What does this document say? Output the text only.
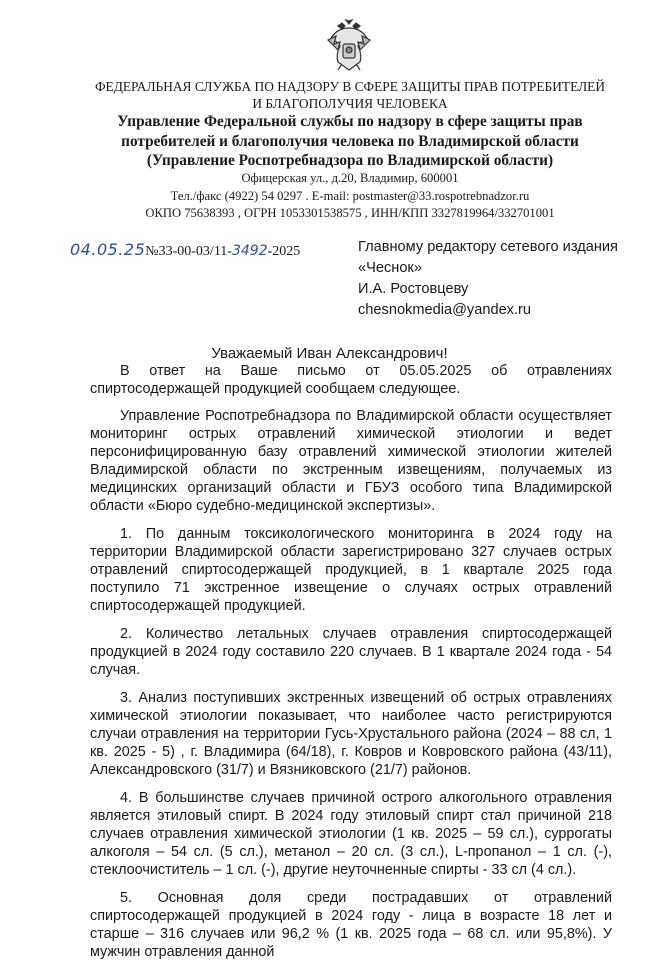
ФЕДЕРАЛЬНАЯ СЛУЖБА ПО НАДЗОРУ В СФЕРЕ ЗАЩИТЫ ПРАВ ПОТРЕБИТЕЛЕЙ
И БЛАГОПОЛУЧИЯ ЧЕЛОВЕКА
Управление Федеральной службы по надзору в сфере защиты прав
потребителей и благополучия человека по Владимирской области
(Управление Роспотребнадзора по Владимирской области)
Офицерская ул., д.20, Владимир, 600001
Тел./факс (4922) 54 0297 . E-mail: postmaster@33.rospotrebnadzor.ru
ОКПО 75638393 , ОГРН 1053301538575 , ИНН/КПП 3327819964/332701001
04.05.25№33-00-03/11-3492-2025	Главному редактору сетевого издания
«Чеснок»
И.А. Ростовцеву
chesnokmedia@yandex.ru
Уважаемый Иван Александрович!

В ответ на Ваше письмо от 05.05.2025 об отравлениях спиртосодержащей продукцией сообщаем следующее.

Управление Роспотребнадзора по Владимирской области осуществляет мониторинг острых отравлений химической этиологии и ведет персонифицированную базу отравлений химической этиологии жителей Владимирской области по экстренным извещениям, получаемых из медицинских организаций области и ГБУЗ особого типа Владимирской области «Бюро судебно-медицинской экспертизы».

1. По данным токсикологического мониторинга в 2024 году на территории Владимирской области зарегистрировано 327 случаев острых отравлений спиртосодержащей продукцией, в 1 квартале 2025 года поступило 71 экстренное извещение о случаях острых отравлений спиртосодержащей продукцией.

2. Количество летальных случаев отравления спиртосодержащей продукцией в 2024 году составило 220 случаев. В 1 квартале 2024 года - 54 случая.

3. Анализ поступивших экстренных извещений об острых отравлениях химической этиологии показывает, что наиболее часто регистрируются случаи отравления на территории Гусь-Хрустального района (2024 – 88 сл, 1 кв. 2025 - 5) , г. Владимира (64/18), г. Ковров и Ковровского района (43/11), Александровского (31/7) и Вязниковского (21/7) районов.

4. В большинстве случаев причиной острого алкогольного отравления является этиловый спирт. В 2024 году этиловый спирт стал причиной 218 случаев отравления химической этиологии (1 кв. 2025 – 59 сл.), суррогаты алкоголя – 54 сл. (5 сл.), метанол – 20 сл. (3 сл.), L-пропанол – 1 сл. (-), стеклоочиститель – 1 сл. (-), другие неуточненные спирты - 33 сл (4 сл.).

5. Основная доля среди пострадавших от отравлений спиртосодержащей продукцией в 2024 году - лица в возрасте 18 лет и старше – 316 случаев или 96,2 % (1 кв. 2025 года – 68 сл. или 95,8%). У мужчин отравления данной
